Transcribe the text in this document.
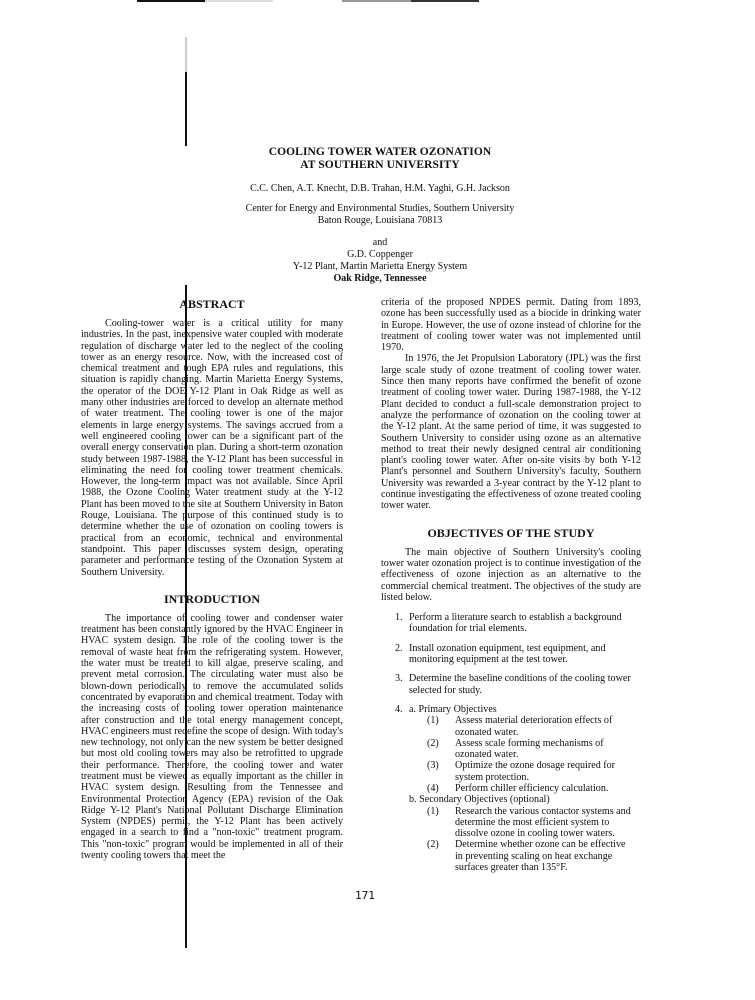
COOLING TOWER WATER OZONATION
AT SOUTHERN UNIVERSITY
C.C. Chen, A.T. Knecht, D.B. Trahan, H.M. Yaghi, G.H. Jackson
Center for Energy and Environmental Studies, Southern University
Baton Rouge, Louisiana 70813
and
G.D. Coppenger
Y-12 Plant, Martin Marietta Energy System
Oak Ridge, Tennessee
ABSTRACT

Cooling-tower water is a critical utility for many industries. In the past, inexpensive water coupled with moderate regulation of discharge water led to the neglect of the cooling tower as an energy resource. Now, with the increased cost of chemical treatment and tough EPA rules and regulations, this situation is rapidly changing. Martin Marietta Energy Systems, the operator of the DOE Y-12 Plant in Oak Ridge as well as many other industries are forced to develop an alternate method of water treatment. The cooling tower is one of the major elements in large energy systems. The savings accrued from a well engineered cooling tower can be a significant part of the overall energy conservation plan. During a short-term ozonation study between 1987-1988, the Y-12 Plant has been successful in eliminating the need for cooling tower treatment chemicals. However, the long-term impact was not available. Since April 1988, the Ozone Cooling Water treatment study at the Y-12 Plant has been moved to the site at Southern University in Baton Rouge, Louisiana. The purpose of this continued study is to determine whether the use of ozonation on cooling towers is practical from an economic, technical and environmental standpoint. This paper discusses system design, operating parameter and performance testing of the Ozonation System at Southern University.

INTRODUCTION

The importance of cooling tower and condenser water treatment has been constantly ignored by the HVAC Engineer in HVAC system design. The role of the cooling tower is the removal of waste heat from the refrigerating system. However, the water must be treated to kill algae, preserve scaling, and prevent metal corrosion. The circulating water must also be blown-down periodically to remove the accumulated solids concentrated by evaporation and chemical treatment. Today with the increasing costs of cooling tower operation maintenance after construction and the total energy management concept, HVAC engineers must redefine the scope of design. With today's new technology, not only can the new system be better designed but most old cooling towers may also be retrofitted to upgrade their performance. Therefore, the cooling tower and water treatment must be viewed as equally important as the chiller in HVAC system design. Resulting from the Tennessee and Environmental Protection Agency (EPA) revision of the Oak Ridge Y-12 Plant's National Pollutant Discharge Elimination System (NPDES) permit, the Y-12 Plant has been actively engaged in a search to find a "non-toxic" treatment program. This "non-toxic" program would be implemented in all of their twenty cooling towers that meet the

criteria of the proposed NPDES permit. Dating from 1893, ozone has been successfully used as a biocide in drinking water in Europe. However, the use of ozone instead of chlorine for the treatment of cooling tower water was not implemented until 1970.

In 1976, the Jet Propulsion Laboratory (JPL) was the first large scale study of ozone treatment of cooling tower water. Since then many reports have confirmed the benefit of ozone treatment of cooling tower water. During 1987-1988, the Y-12 Plant decided to conduct a full-scale demonstration project to analyze the performance of ozonation on the cooling tower at the Y-12 plant. At the same period of time, it was suggested to Southern University to consider using ozone as an alternative method to treat their newly designed central air conditioning plant's cooling tower water. After on-site visits by both Y-12 Plant's personnel and Southern University's faculty, Southern University was rewarded a 3-year contract by the Y-12 plant to continue investigating the effectiveness of ozone treated cooling tower water.

OBJECTIVES OF THE STUDY

The main objective of Southern University's cooling tower water ozonation project is to continue investigation of the effectiveness of ozone injection as an alternative to the commercial chemical treatment. The objectives of the study are listed below.

1. Perform a literature search to establish a background foundation for trial elements.
2. Install ozonation equipment, test equipment, and monitoring equipment at the test tower.
3. Determine the baseline conditions of the cooling tower selected for study.
4. a. Primary Objectives
(1)	Assess material deterioration effects of ozonated water.
(2)	Assess scale forming mechanisms of ozonated water.
(3)	Optimize the ozone dosage required for system protection.
(4)	Perform chiller efficiency calculation.
b. Secondary Objectives (optional)
(1)	Research the various contactor systems and determine the most efficient system to dissolve ozone in cooling tower waters.
(2)	Determine whether ozone can be effective in preventing scaling on heat exchange surfaces greater than 135°F.
171
